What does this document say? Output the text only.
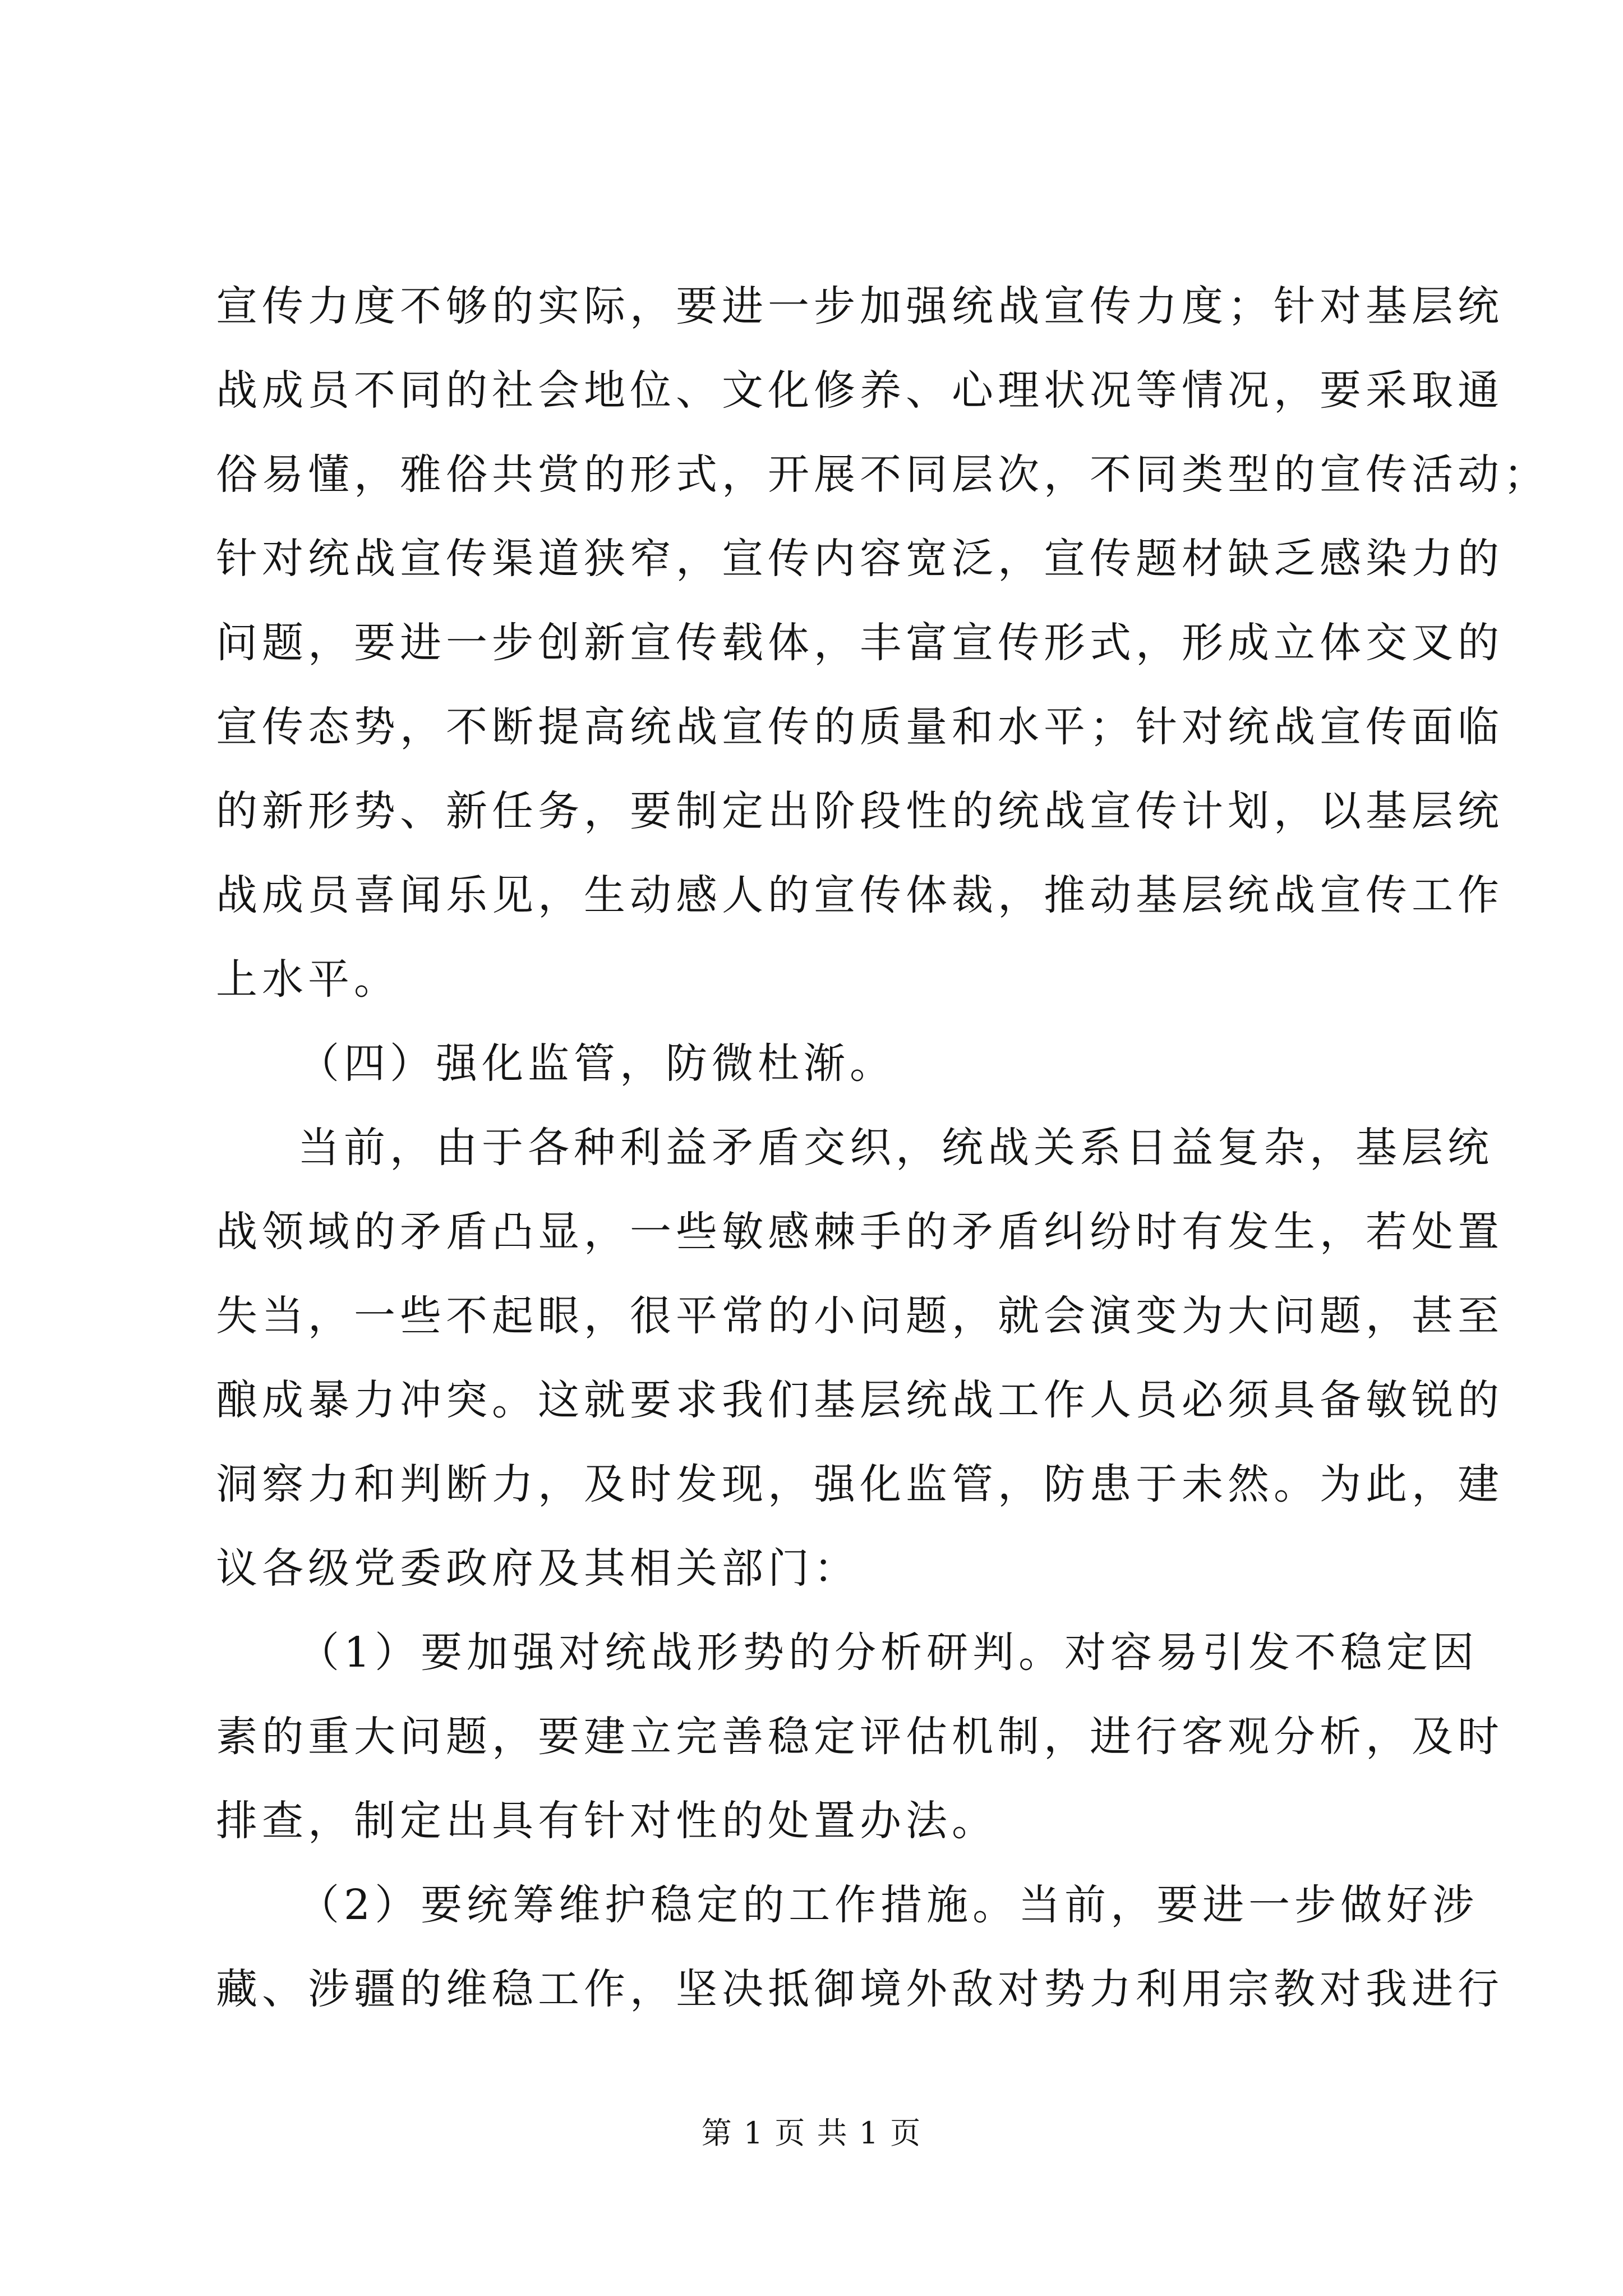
宣传力度不够的实际，要进一步加强统战宣传力度；针对基层统
战成员不同的社会地位、文化修养、心理状况等情况，要采取通
俗易懂，雅俗共赏的形式，开展不同层次，不同类型的宣传活动；
针对统战宣传渠道狭窄，宣传内容宽泛，宣传题材缺乏感染力的
问题，要进一步创新宣传载体，丰富宣传形式，形成立体交叉的
宣传态势，不断提高统战宣传的质量和水平；针对统战宣传面临
的新形势、新任务，要制定出阶段性的统战宣传计划，以基层统
战成员喜闻乐见，生动感人的宣传体裁，推动基层统战宣传工作
上水平。
（四）强化监管，防微杜渐。
当前，由于各种利益矛盾交织，统战关系日益复杂，基层统
战领域的矛盾凸显，一些敏感棘手的矛盾纠纷时有发生，若处置
失当，一些不起眼，很平常的小问题，就会演变为大问题，甚至
酿成暴力冲突。这就要求我们基层统战工作人员必须具备敏锐的
洞察力和判断力，及时发现，强化监管，防患于未然。为此，建
议各级党委政府及其相关部门：
（1）要加强对统战形势的分析研判。对容易引发不稳定因
素的重大问题，要建立完善稳定评估机制，进行客观分析，及时
排查，制定出具有针对性的处置办法。
（2）要统筹维护稳定的工作措施。当前，要进一步做好涉
藏、涉疆的维稳工作，坚决抵御境外敌对势力利用宗教对我进行
第 1 页 共 1 页
